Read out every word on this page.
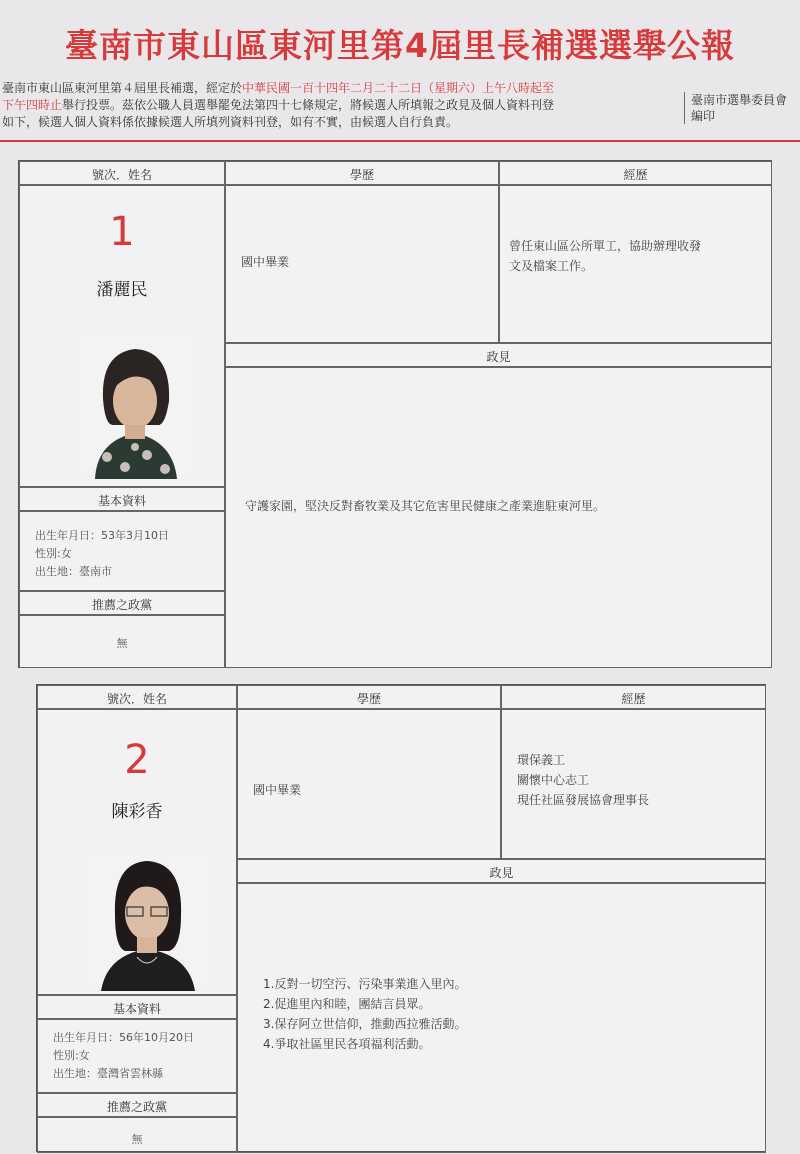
臺南市東山區東河里第4屆里長補選選舉公報
臺南市東山區東河里第４屆里長補選，經定於中華民國一百十四年二月二十二日（星期六）上午八時起至
下午四時止舉行投票。茲依公職人員選舉罷免法第四十七條規定，將候選人所填報之政見及個人資料刊登
如下，候選人個人資料係依據候選人所填列資料刊登，如有不實，由候選人自行負責。
臺南市選舉委員會
編印
號次．姓名
1
潘麗民
基本資料
出生年月日：53年3月10日
性別:女
出生地：臺南市
推薦之政黨
無
學歷	經歷
國中畢業
曾任東山區公所單工，協助辦理收發
文及檔案工作。
政見
守護家園，堅決反對畜牧業及其它危害里民健康之產業進駐東河里。
號次．姓名
2
陳彩香
基本資料
出生年月日：56年10月20日
性別:女
出生地：臺灣省雲林縣
推薦之政黨
無
學歷	經歷
國中畢業
環保義工
關懷中心志工
現任社區發展協會理事長
政見
1.反對一切空污、污染事業進入里內。
2.促進里內和睦，團結言員眾。
3.保存阿立世信仰，推動西拉雅活動。
4.爭取社區里民各項福利活動。
